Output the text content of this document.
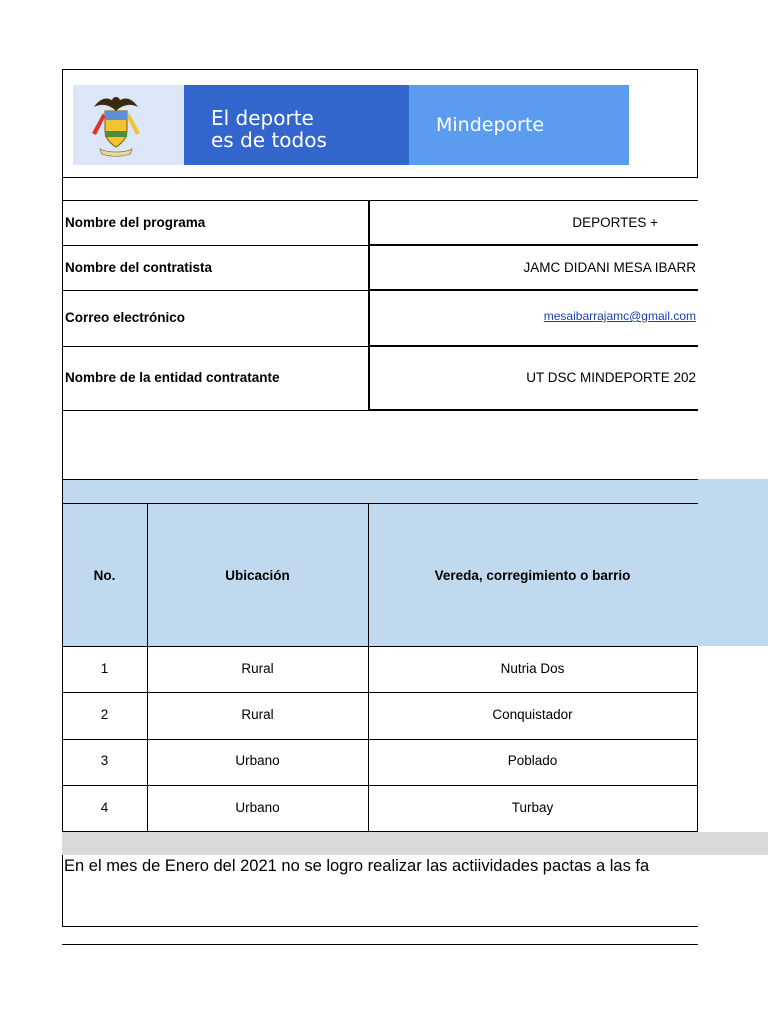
El deporte
es de todos
Mindeporte
Nombre del programa	DEPORTES +
Nombre del contratista	JAMC DIDANI MESA IBARR
Correo electrónico	mesaibarrajamc@gmail.com
Nombre de la entidad contratante	UT DSC MINDEPORTE 202
No.	Ubicación	Vereda, corregimiento o barrio
1	Rural	Nutria Dos
2	Rural	Conquistador
3	Urbano	Poblado
4	Urbano	Turbay
En el mes de Enero del 2021 no se logro realizar las actiividades pactas a las fa
